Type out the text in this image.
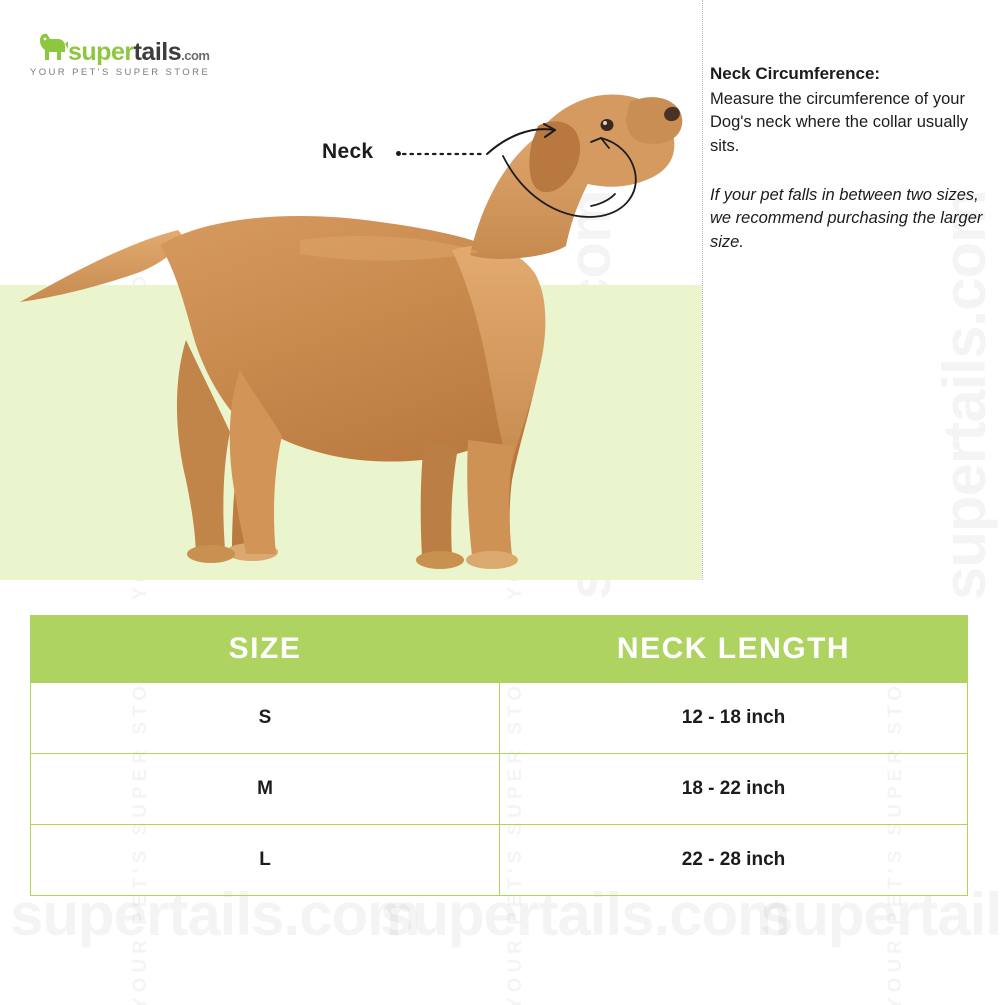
Neck
supertails.com
YOUR PET'S SUPER STORE	Neck Circumference:

Measure the circumference of your Dog's neck where the collar usually sits.

If your pet falls in between two sizes, we recommend purchasing the larger size.

SIZE	NECK LENGTH
S	12 - 18 inch
M	18 - 22 inch
L	22 - 28 inch
